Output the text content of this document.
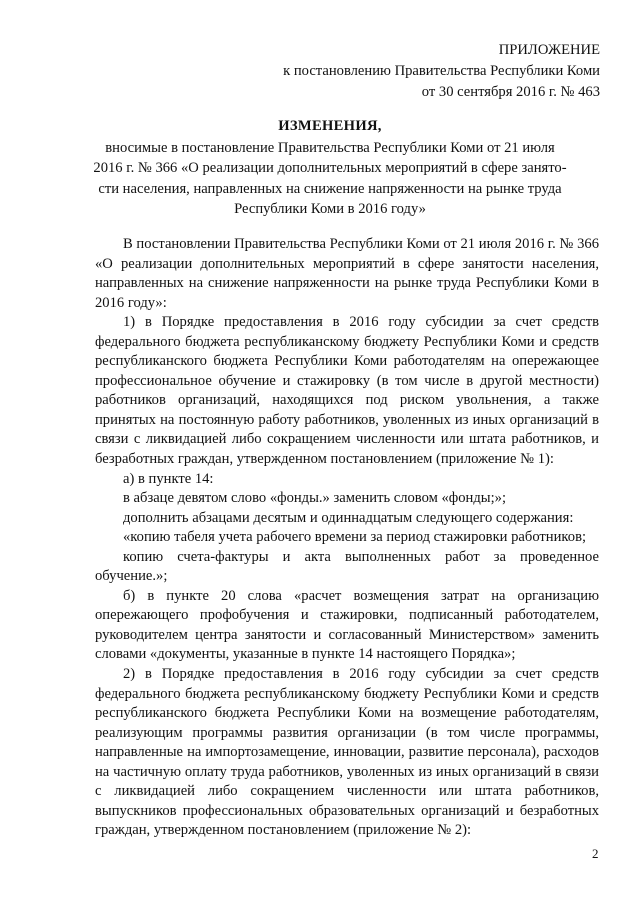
ПРИЛОЖЕНИЕ
к постановлению Правительства Республики Коми
от 30 сентября 2016 г. № 463
ИЗМЕНЕНИЯ,
вносимые в постановление Правительства Республики Коми от 21 июля
2016 г. № 366 «О реализации дополнительных мероприятий в сфере занято-
сти населения, направленных на снижение напряженности на рынке труда
Республики Коми в 2016 году»
В постановлении Правительства Республики Коми от 21 июля 2016 г. № 366 «О реализации дополнительных мероприятий в сфере занятости населения, направленных на снижение напряженности на рынке труда Республики Коми в 2016 году»:
1) в Порядке предоставления в 2016 году субсидии за счет средств федерального бюджета республиканскому бюджету Республики Коми и средств республиканского бюджета Республики Коми работодателям на опережающее профессиональное обучение и стажировку (в том числе в другой местности) работников организаций, находящихся под риском увольнения, а также принятых на постоянную работу работников, уволенных из иных организаций в связи с ликвидацией либо сокращением численности или штата работников, и безработных граждан, утвержденном постановлением (приложение № 1):
а) в пункте 14:
в абзаце девятом слово «фонды.» заменить словом «фонды;»;
дополнить абзацами десятым и одиннадцатым следующего содержания:
«копию табеля учета рабочего времени за период стажировки работников;
копию счета-фактуры и акта выполненных работ за проведенное обучение.»;
б) в пункте 20 слова «расчет возмещения затрат на организацию опережающего профобучения и стажировки, подписанный работодателем, руководителем центра занятости и согласованный Министерством» заменить словами «документы, указанные в пункте 14 настоящего Порядка»;
2) в Порядке предоставления в 2016 году субсидии за счет средств федерального бюджета республиканскому бюджету Республики Коми и средств республиканского бюджета Республики Коми на возмещение работодателям, реализующим программы развития организации (в том числе программы, направленные на импортозамещение, инновации, развитие персонала), расходов на частичную оплату труда работников, уволенных из иных организаций в связи с ликвидацией либо сокращением численности или штата работников, выпускников профессиональных образовательных организаций и безработных граждан, утвержденном постановлением (приложение № 2):
2
